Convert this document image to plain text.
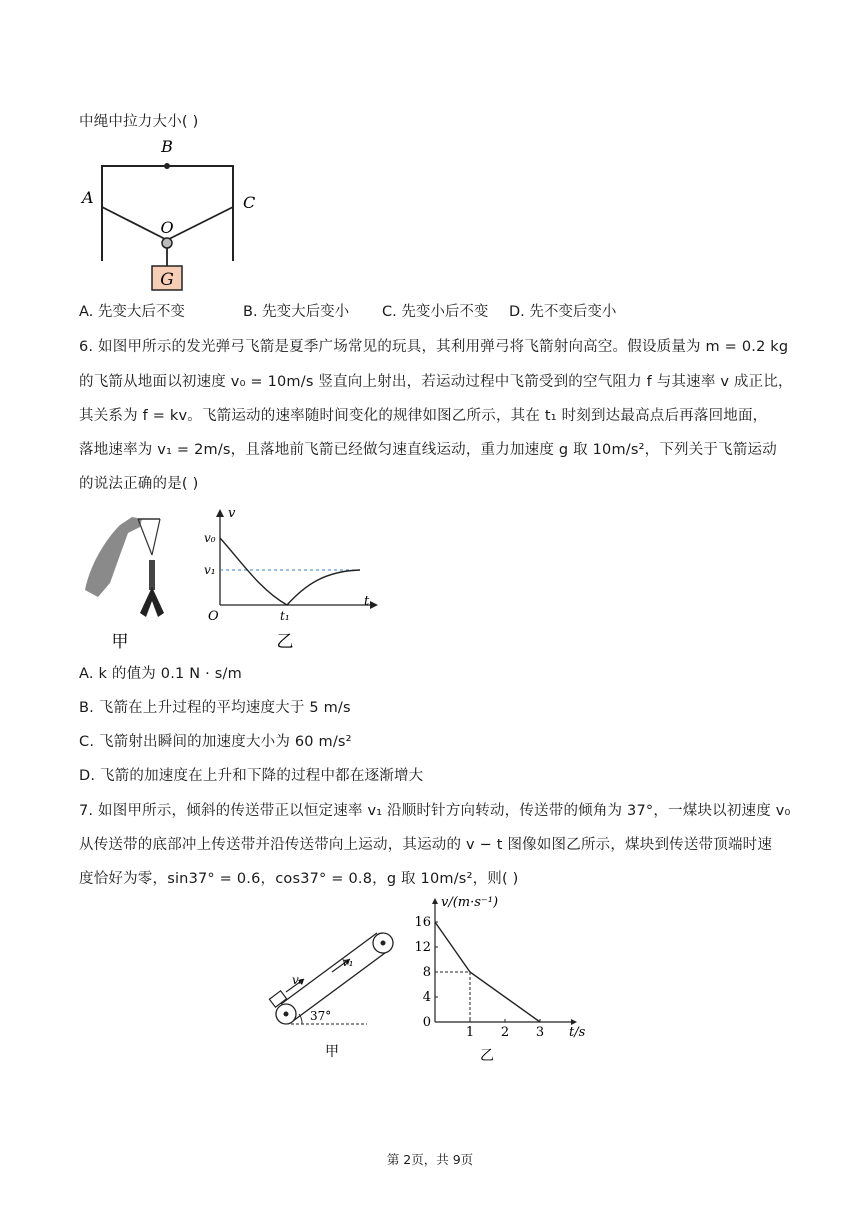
中绳中拉力大小( )
G
B
A	C
O
A. 先变大后不变	B. 先变大后变小 C. 先变小后不变 D. 先不变后变小
6. 如图甲所示的发光弹弓飞箭是夏季广场常见的玩具，其利用弹弓将飞箭射向高空。假设质量为 m = 0.2 kg
的飞箭从地面以初速度 v₀ = 10m/s 竖直向上射出，若运动过程中飞箭受到的空气阻力 f 与其速率 v 成正比，
其关系为 f = kv。飞箭运动的速率随时间变化的规律如图乙所示，其在 t₁ 时刻到达最高点后再落回地面，
落地速率为 v₁ = 2m/s，且落地前飞箭已经做匀速直线运动，重力加速度 g 取 10m/s²，下列关于飞箭运动
的说法正确的是( )
甲
v
t
O
v₀
v₁
t₁
乙
A. k 的值为 0.1 N · s/m
B. 飞箭在上升过程的平均速度大于 5 m/s
C. 飞箭射出瞬间的加速度大小为 60 m/s²
D. 飞箭的加速度在上升和下降的过程中都在逐渐增大
7. 如图甲所示，倾斜的传送带正以恒定速率 v₁ 沿顺时针方向转动，传送带的倾角为 37°，一煤块以初速度 v₀
从传送带的底部冲上传送带并沿传送带向上运动，其运动的 v − t 图像如图乙所示，煤块到传送带顶端时速
度恰好为零，sin37° = 0.6，cos37° = 0.8，g 取 10m/s²，则( )
v₀
v₁
37°
甲
v/(m·s⁻¹)
t/s
乙
16
12
8
4
0
1 2 3
第 2页，共 9页
